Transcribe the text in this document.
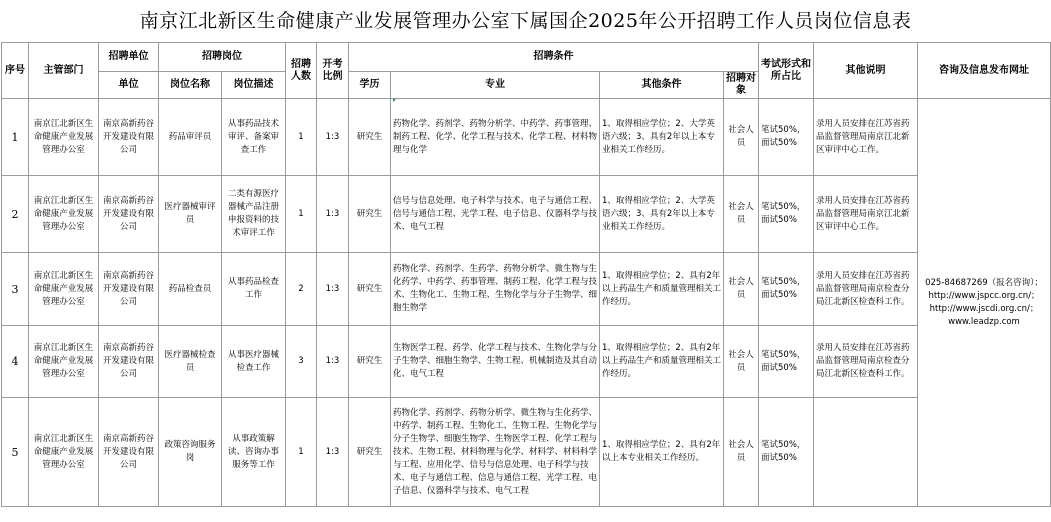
南京江北新区生命健康产业发展管理办公室下属国企2025年公开招聘工作人员岗位信息表
序号	主管部门	招聘单位	招聘岗位		招聘人数	开考比例	招聘条件				考试形式和所占比	其他说明	咨询及信息发布网址
		单位	岗位名称	岗位描述			学历	专业	其他条件	招聘对象			
1	南京江北新区生命健康产业发展管理办公室	南京高新药谷开发建设有限公司	药品审评员	从事药品技术审评、备案审查工作	1	1:3	研究生	药物化学、药剂学、药物分析学、中药学、药事管理、制药工程、化学、化学工程与技术、化学工程、材料物理与化学	1、取得相应学位；2、大学英语六级；3、具有2年以上本专业相关工作经历。	社会人员	笔试50%，面试50%	录用人员安排在江苏省药品监督管理局南京江北新区审评中心工作。	025-84687269（报名咨询）；
http://www.jspcc.org.cn/；
http://www.jscdi.org.cn/；www.leadzp.com

2	南京江北新区生命健康产业发展管理办公室	南京高新药谷开发建设有限公司	医疗器械审评员	二类有源医疗器械产品注册申报资料的技术审评工作	1	1:3	研究生	信号与信息处理、电子科学与技术、电子与通信工程、信号与通信工程、光学工程、电子信息、仪器科学与技术、电气工程	1、取得相应学位；2、大学英语六级；3、具有2年以上本专业相关工作经历。	社会人员	笔试50%，面试50%	录用人员安排在江苏省药品监督管理局南京江北新区审评中心工作。	
3	南京江北新区生命健康产业发展管理办公室	南京高新药谷开发建设有限公司	药品检查员	从事药品检查工作	2	1:3	研究生	药物化学、药剂学、生药学、药物分析学、微生物与生化药学、中药学、药事管理、制药工程、化学工程与技术、生物化工、生物工程、生物化学与分子生物学、细胞生物学	1、取得相应学位；2、具有2年以上药品生产和质量管理相关工作经历。	社会人员	笔试50%，面试50%	录用人员安排在江苏省药品监督管理局南京检查分局江北新区检查科工作。	
4	南京江北新区生命健康产业发展管理办公室	南京高新药谷开发建设有限公司	医疗器械检查员	从事医疗器械检查工作	3	1:3	研究生	生物医学工程、药学、化学工程与技术、生物化学与分子生物学、细胞生物学、生物工程、机械制造及其自动化、电气工程	1、取得相应学位；2、具有2年以上药品生产和质量管理相关工作经历。	社会人员	笔试50%，面试50%	录用人员安排在江苏省药品监督管理局南京检查分局江北新区检查科工作。	
5	南京江北新区生命健康产业发展管理办公室	南京高新药谷开发建设有限公司	政策咨询服务岗	从事政策解读、咨询办事服务等工作	1	1:3	研究生	药物化学、药剂学、药物分析学、微生物与生化药学、中药学、制药工程、生物化工、生物工程、生物化学与分子生物学、细胞生物学、生物医学工程、化学工程与技术、生物工程、材料物理与化学、材料学、材料科学与工程、应用化学、信号与信息处理、电子科学与技术、电子与通信工程、信息与通信工程、光学工程、电子信息、仪器科学与技术、电气工程	1、取得相应学位；2、具有2年以上本专业相关工作经历。	社会人员	笔试50%，面试50%		
